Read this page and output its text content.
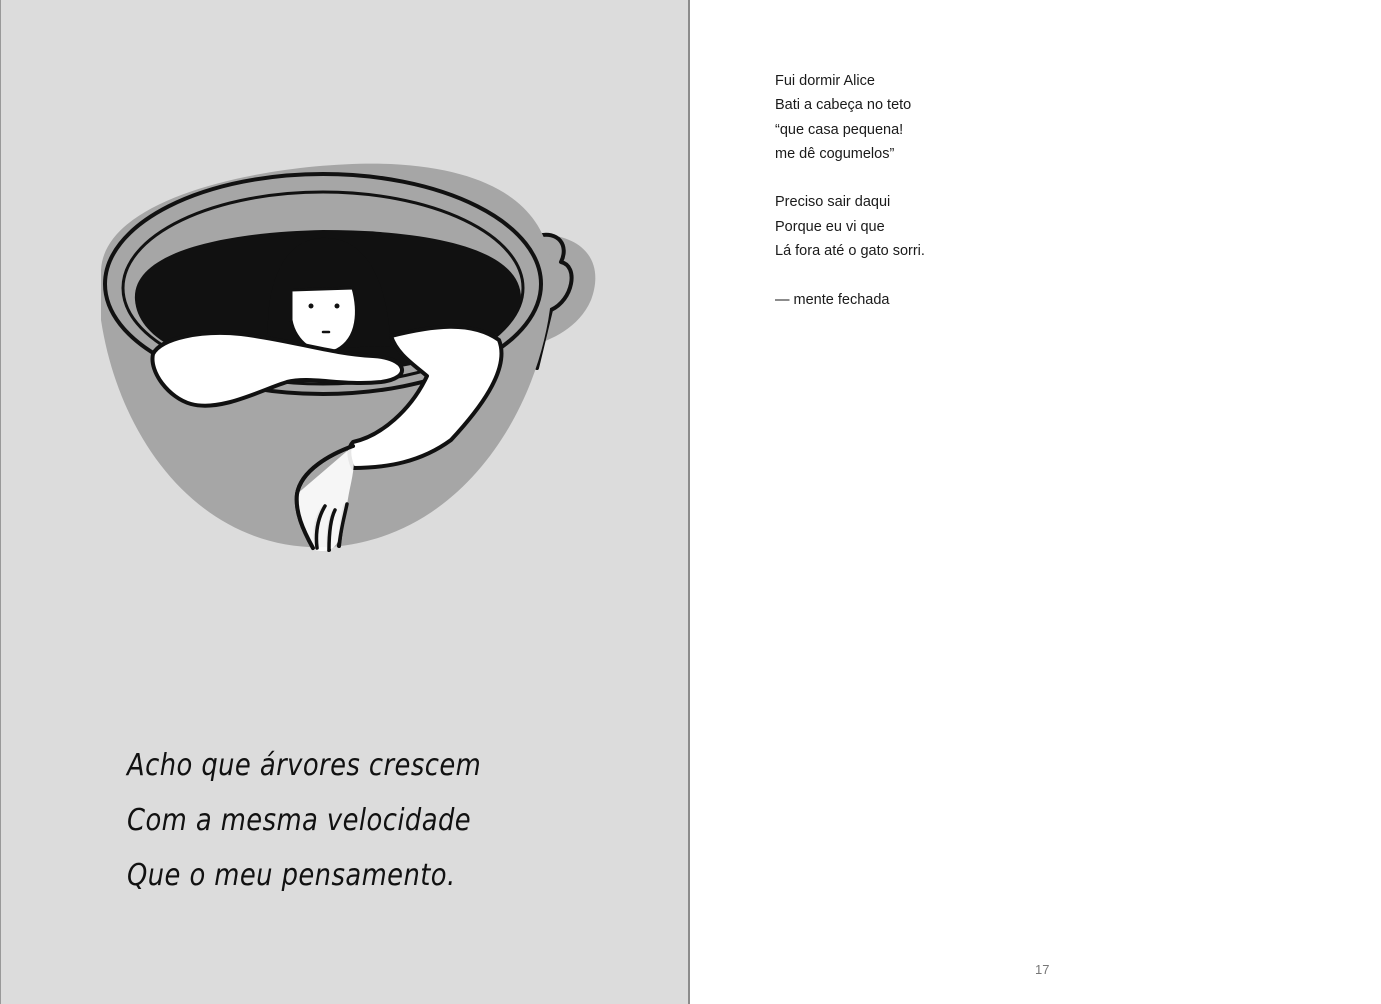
Acho que árvores crescem
Com a mesma velocidade
Que o meu pensamento.
Fui dormir Alice
Bati a cabeça no teto
“que casa pequena!
me dê cogumelos”
Preciso sair daqui
Porque eu vi que
Lá fora até o gato sorri.
— mente fechada
17
